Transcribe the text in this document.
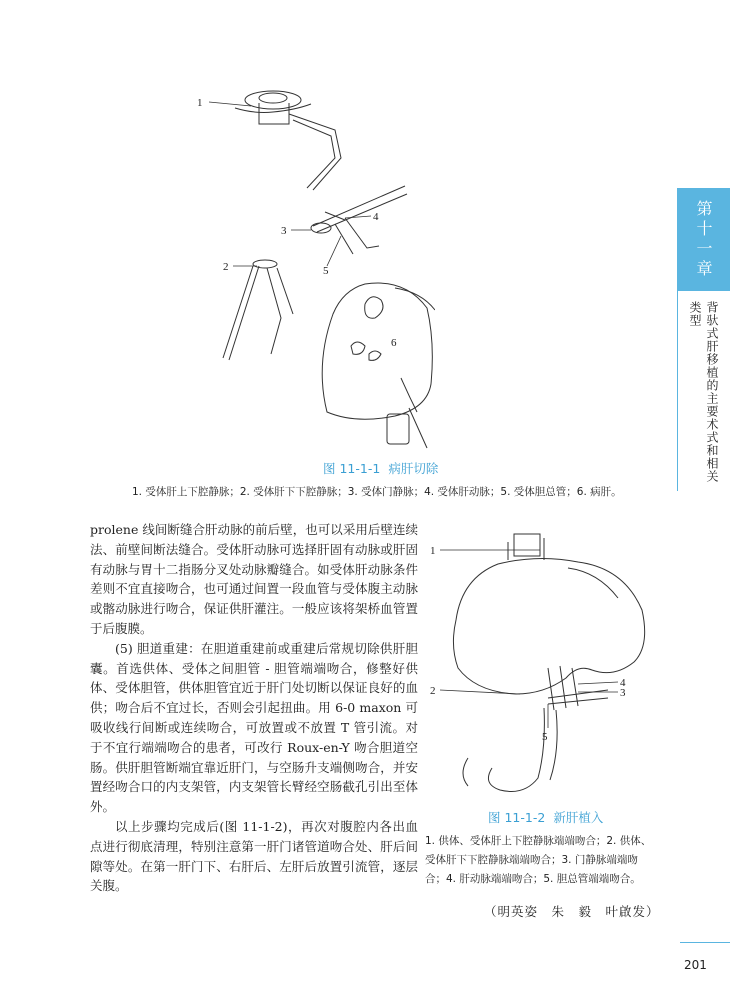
1
2
3
4
5
6
图 11-1-1 病肝切除
1. 受体肝上下腔静脉；2. 受体肝下下腔静脉；3. 受体门静脉；4. 受体肝动脉；5. 受体胆总管；6. 病肝。
1
2	3
4
5
图 11-1-2 新肝植入
1. 供体、受体肝上下腔静脉端端吻合；2. 供体、
受体肝下下腔静脉端端吻合；3. 门静脉端端吻
合；4. 肝动脉端端吻合；5. 胆总管端端吻合。

prolene 线间断缝合肝动脉的前后壁，也可以采用后壁连续法、前壁间断法缝合。受体肝动脉可选择肝固有动脉或肝固有动脉与胃十二指肠分叉处动脉瓣缝合。如受体肝动脉条件差则不宜直接吻合，也可通过间置一段血管与受体腹主动脉或髂动脉进行吻合，保证供肝灌注。一般应该将架桥血管置于后腹膜。

(5) 胆道重建：在胆道重建前或重建后常规切除供肝胆囊。首选供体、受体之间胆管 - 胆管端端吻合，修整好供体、受体胆管，供体胆管宜近于肝门处切断以保证良好的血供；吻合后不宜过长，否则会引起扭曲。用 6-0 maxon 可吸收线行间断或连续吻合，可放置或不放置 T 管引流。对于不宜行端端吻合的患者，可改行 Roux-en-Y 吻合胆道空肠。供肝胆管断端宜靠近肝门，与空肠升支端侧吻合，并安置经吻合口的内支架管，内支架管长臂经空肠截孔引出至体外。

以上步骤均完成后(图 11-1-2)，再次对腹腔内各出血点进行彻底清理，特别注意第一肝门诸管道吻合处、肝后间隙等处。在第一肝门下、右肝后、左肝后放置引流管，逐层关腹。

（明英姿　朱　毅　叶啟发）
第十一章
背驮式肝移植的主要术式和相关类型
201
